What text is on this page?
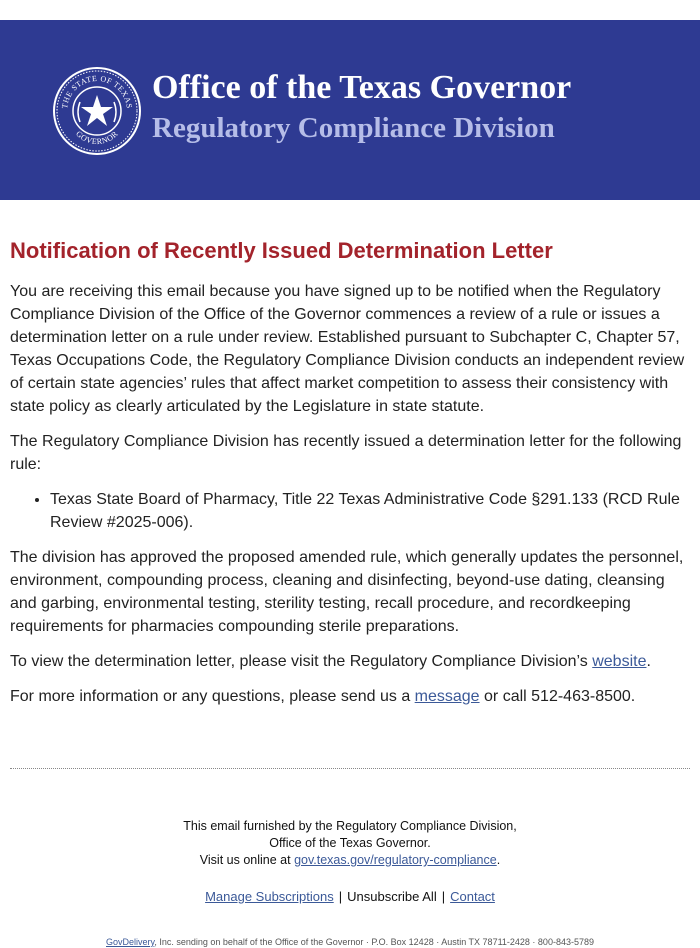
THE STATE OF TEXAS
GOVERNOR
Office of the Texas Governor
Regulatory Compliance Division
Notification of Recently Issued Determination Letter

You are receiving this email because you have signed up to be notified when the Regulatory Compliance Division of the Office of the Governor commences a review of a rule or issues a determination letter on a rule under review. Established pursuant to Subchapter C, Chapter 57, Texas Occupations Code, the Regulatory Compliance Division conducts an independent review of certain state agencies’ rules that affect market competition to assess their consistency with state policy as clearly articulated by the Legislature in state statute.

The Regulatory Compliance Division has recently issued a determination letter for the following rule:

• Texas State Board of Pharmacy, Title 22 Texas Administrative Code §291.133 (RCD Rule Review #2025-006).

The division has approved the proposed amended rule, which generally updates the personnel, environment, compounding process, cleaning and disinfecting, beyond-use dating, cleansing and garbing, environmental testing, sterility testing, recall procedure, and recordkeeping requirements for pharmacies compounding sterile preparations.

To view the determination letter, please visit the Regulatory Compliance Division’s website.

For more information or any questions, please send us a message or call 512-463-8500.

This email furnished by the Regulatory Compliance Division,
Office of the Texas Governor.
Visit us online at gov.texas.gov/regulatory-compliance.
Manage Subscriptions | Unsubscribe All | Contact
GovDelivery, Inc. sending on behalf of the Office of the Governor · P.O. Box 12428 · Austin TX 78711-2428 · 800-843-5789
